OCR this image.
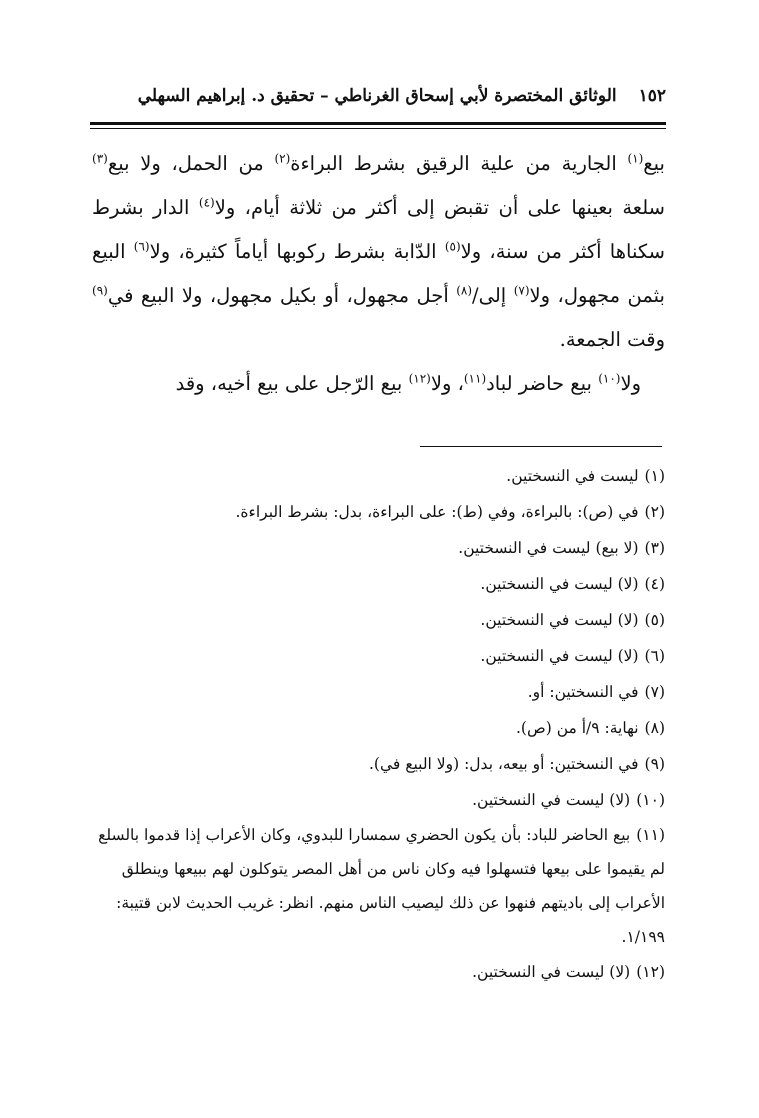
١٥٢
الوثائق المختصرة لأبي إسحاق الغرناطي – تحقيق د. إبراهيم السهلي

بيع$^{(١)}$ الجارية من علية الرقيق بشرط البراءة$^{(٢)}$ من الحمل، ولا بيع$^{(٣)}$ سلعة بعينها على أن تقبض إلى أكثر من ثلاثة أيام، ولا$^{(٤)}$ الدار بشرط سكناها أكثر من سنة، ولا$^{(٥)}$ الدّابة بشرط ركوبها أياماً كثيرة، ولا$^{(٦)}$ البيع بثمن مجهول، ولا$^{(٧)}$ إلى/$^{(٨)}$ أجل مجهول، أو بكيل مجهول، ولا البيع في$^{(٩)}$ وقت الجمعة.

ولا$^{(١٠)}$ بيع حاضر لباد$^{(١١)}$، ولا$^{(١٢)}$ بيع الرّجل على بيع أخيه، وقد

(١)ليست في النسختين.
(٢)في (ص): بالبراءة، وفي (ط): على البراءة، بدل: بشرط البراءة.
(٣)(لا بيع) ليست في النسختين.
(٤)(لا) ليست في النسختين.
(٥)(لا) ليست في النسختين.
(٦)(لا) ليست في النسختين.
(٧)في النسختين: أو.
(٨)نهاية: ٩/أ من (ص).
(٩)في النسختين: أو بيعه، بدل: (ولا البيع في).
(١٠)(لا) ليست في النسختين.
(١١)بيع الحاضر للباد: بأن يكون الحضري سمسارا للبدوي، وكان الأعراب إذا قدموا بالسلع لم يقيموا على بيعها فتسهلوا فيه وكان ناس من أهل المصر يتوكلون لهم ببيعها وينطلق الأعراب إلى باديتهم فنهوا عن ذلك ليصيب الناس منهم. انظر: غريب الحديث لابن قتيبة: ١/١٩٩.
(١٢)(لا) ليست في النسختين.
